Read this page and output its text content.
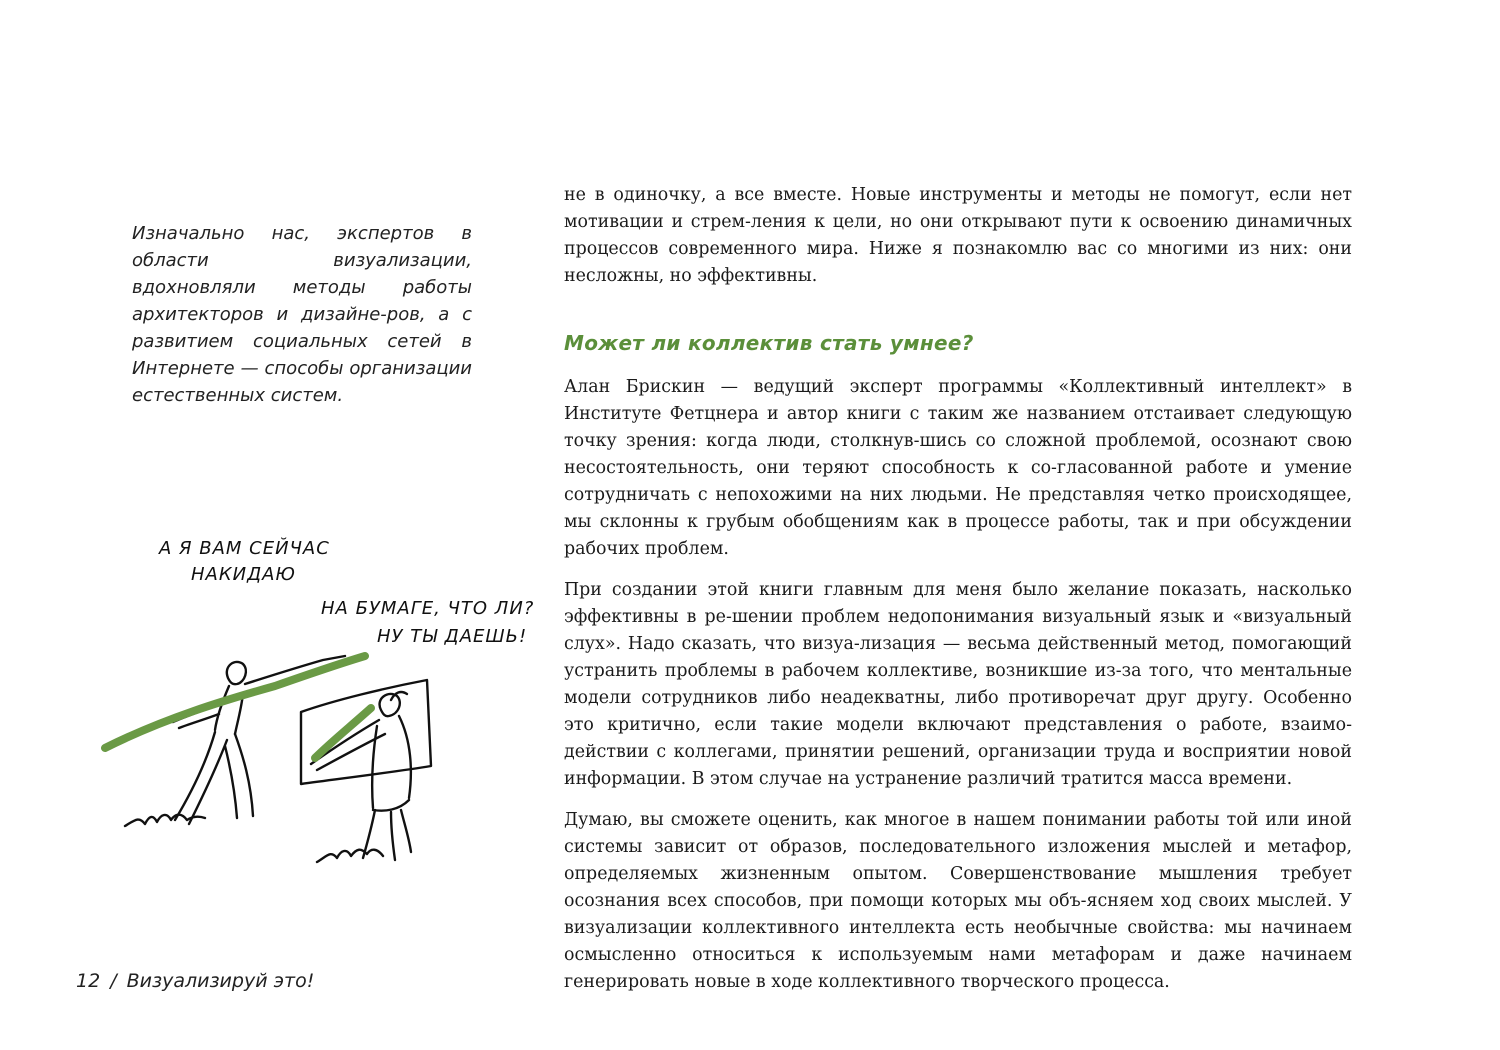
Изначально нас, экспертов в области визуализации, вдохновляли методы работы архитекторов и дизайне-ров, а с развитием социальных сетей в Интернете — способы организации естественных систем.

не в одиночку, а все вместе. Новые инструменты и методы не помогут, если нет мотивации и стрем-ления к цели, но они открывают пути к освоению динамичных процессов современного мира. Ниже я познакомлю вас со многими из них: они несложны, но эффективны.

Может ли коллектив стать умнее?

Алан Брискин — ведущий эксперт программы «Коллективный интеллект» в Институте Фетцнера и автор книги с таким же названием отстаивает следующую точку зрения: когда люди, столкнув-шись со сложной проблемой, осознают свою несостоятельность, они теряют способность к со-гласованной работе и умение сотрудничать с непохожими на них людьми. Не представляя четко происходящее, мы склонны к грубым обобщениям как в процессе работы, так и при обсуждении рабочих проблем.

При создании этой книги главным для меня было желание показать, насколько эффективны в ре-шении проблем недопонимания визуальный язык и «визуальный слух». Надо сказать, что визуа-лизация — весьма действенный метод, помогающий устранить проблемы в рабочем коллективе, возникшие из-за того, что ментальные модели сотрудников либо неадекватны, либо противоречат друг другу. Особенно это критично, если такие модели включают представления о работе, взаимо-действии с коллегами, принятии решений, организации труда и восприятии новой информации. В этом случае на устранение различий тратится масса времени.

Думаю, вы сможете оценить, как многое в нашем понимании работы той или иной системы зависит от образов, последовательного изложения мыслей и метафор, определяемых жизненным опытом. Совершенствование мышления требует осознания всех способов, при помощи которых мы объ-ясняем ход своих мыслей. У визуализации коллективного интеллекта есть необычные свойства: мы начинаем осмысленно относиться к используемым нами метафорам и даже начинаем генерировать новые в ходе коллективного творческого процесса.

А Я ВАМ СЕЙЧАС
НАКИДАЮ
НА БУМАГЕ, ЧТО ЛИ?
НУ ТЫ ДАЕШЬ!
12 / Визуализируй это!
